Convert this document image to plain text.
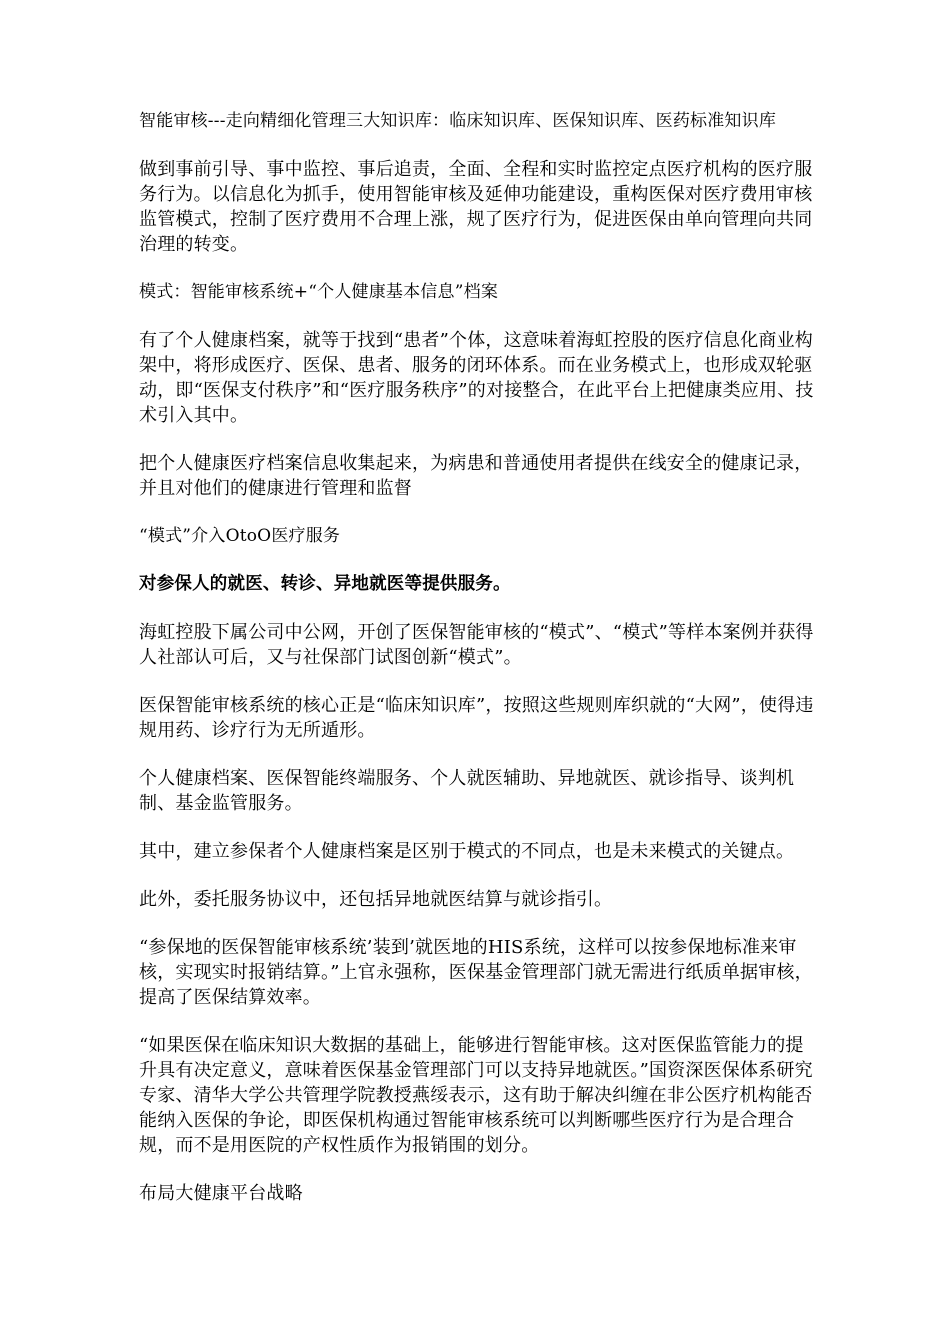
智能审核---走向精细化管理三大知识库：临床知识库、医保知识库、医药标准知识库

做到事前引导、事中监控、事后追责，全面、全程和实时监控定点医疗机构的医疗服务行为。以信息化为抓手，使用智能审核及延伸功能建设，重构医保对医疗费用审核监管模式，控制了医疗费用不合理上涨，规了医疗行为，促进医保由单向管理向共同治理的转变。

模式：智能审核系统+“个人健康基本信息”档案

有了个人健康档案，就等于找到“患者”个体，这意味着海虹控股的医疗信息化商业构架中，将形成医疗、医保、患者、服务的闭环体系。而在业务模式上，也形成双轮驱动，即“医保支付秩序”和“医疗服务秩序”的对接整合，在此平台上把健康类应用、技术引入其中。

把个人健康医疗档案信息收集起来，为病患和普通使用者提供在线安全的健康记录，并且对他们的健康进行管理和监督

“模式”介入OtoO医疗服务

对参保人的就医、转诊、异地就医等提供服务。

海虹控股下属公司中公网，开创了医保智能审核的“模式”、“模式”等样本案例并获得人社部认可后，又与社保部门试图创新“模式”。

医保智能审核系统的核心正是“临床知识库”，按照这些规则库织就的“大网”，使得违规用药、诊疗行为无所遁形。

个人健康档案、医保智能终端服务、个人就医辅助、异地就医、就诊指导、谈判机制、基金监管服务。

其中，建立参保者个人健康档案是区别于模式的不同点，也是未来模式的关键点。

此外，委托服务协议中，还包括异地就医结算与就诊指引。

“参保地的医保智能审核系统’装到’就医地的HIS系统，这样可以按参保地标准来审核，实现实时报销结算。”上官永强称，医保基金管理部门就无需进行纸质单据审核，提高了医保结算效率。

“如果医保在临床知识大数据的基础上，能够进行智能审核。这对医保监管能力的提升具有决定意义，意味着医保基金管理部门可以支持异地就医。”国资深医保体系研究专家、清华大学公共管理学院教授燕绥表示，这有助于解决纠缠在非公医疗机构能否能纳入医保的争论，即医保机构通过智能审核系统可以判断哪些医疗行为是合理合规，而不是用医院的产权性质作为报销围的划分。

布局大健康平台战略
